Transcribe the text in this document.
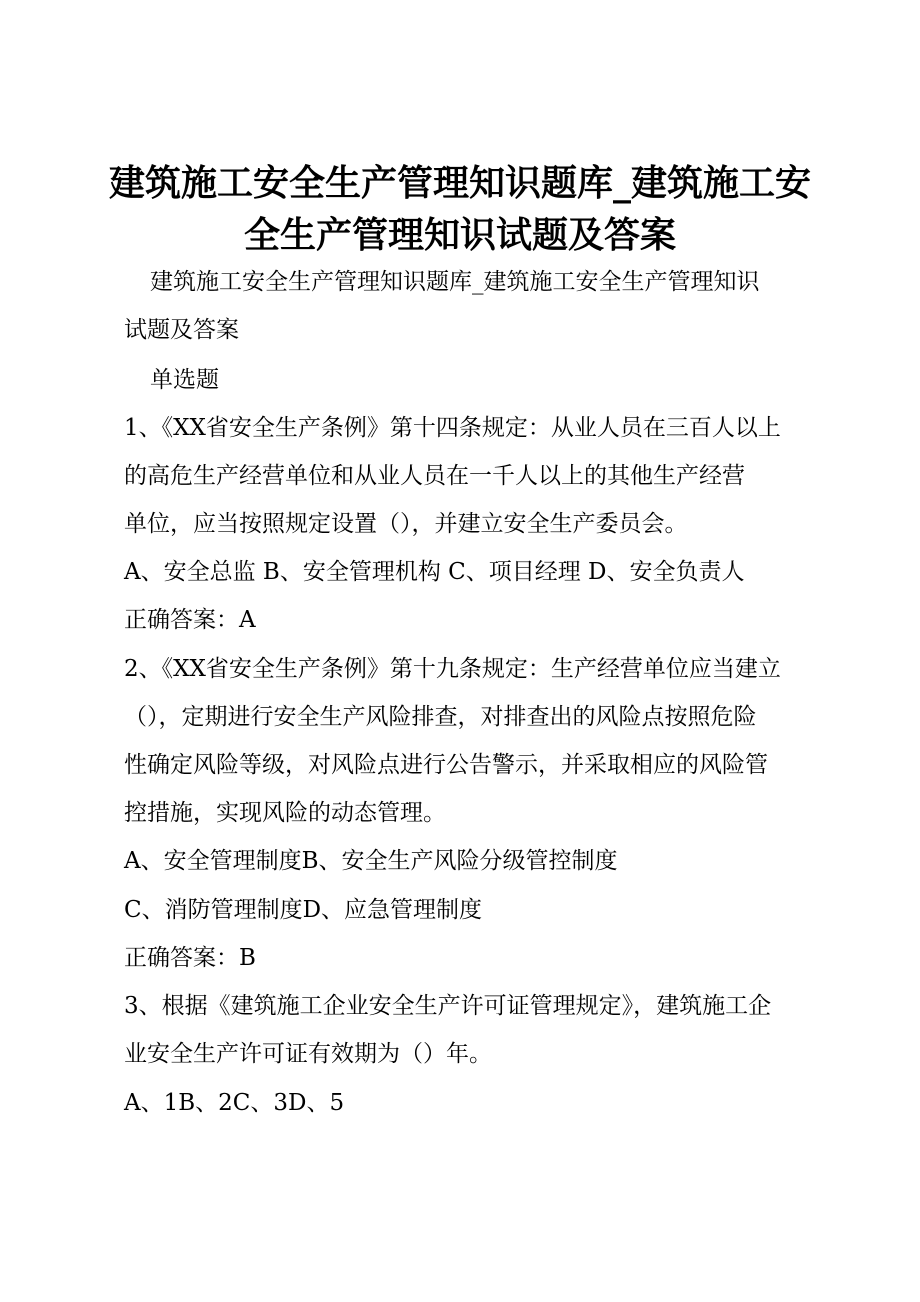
建筑施工安全生产管理知识题库_建筑施工安
全生产管理知识试题及答案
建筑施工安全生产管理知识题库_建筑施工安全生产管理知识
试题及答案
单选题
1、《XX省安全生产条例》第十四条规定：从业人员在三百人以上
的高危生产经营单位和从业人员在一千人以上的其他生产经营
单位，应当按照规定设置（），并建立安全生产委员会。
A、安全总监 B、安全管理机构 C、项目经理 D、安全负责人
正确答案：A
2、《XX省安全生产条例》第十九条规定：生产经营单位应当建立
（），定期进行安全生产风险排查，对排查出的风险点按照危险
性确定风险等级，对风险点进行公告警示，并采取相应的风险管
控措施，实现风险的动态管理。
A、安全管理制度B、安全生产风险分级管控制度
C、消防管理制度D、应急管理制度
正确答案：B
3、根据《建筑施工企业安全生产许可证管理规定》，建筑施工企
业安全生产许可证有效期为（）年。
A、1B、2C、3D、5
